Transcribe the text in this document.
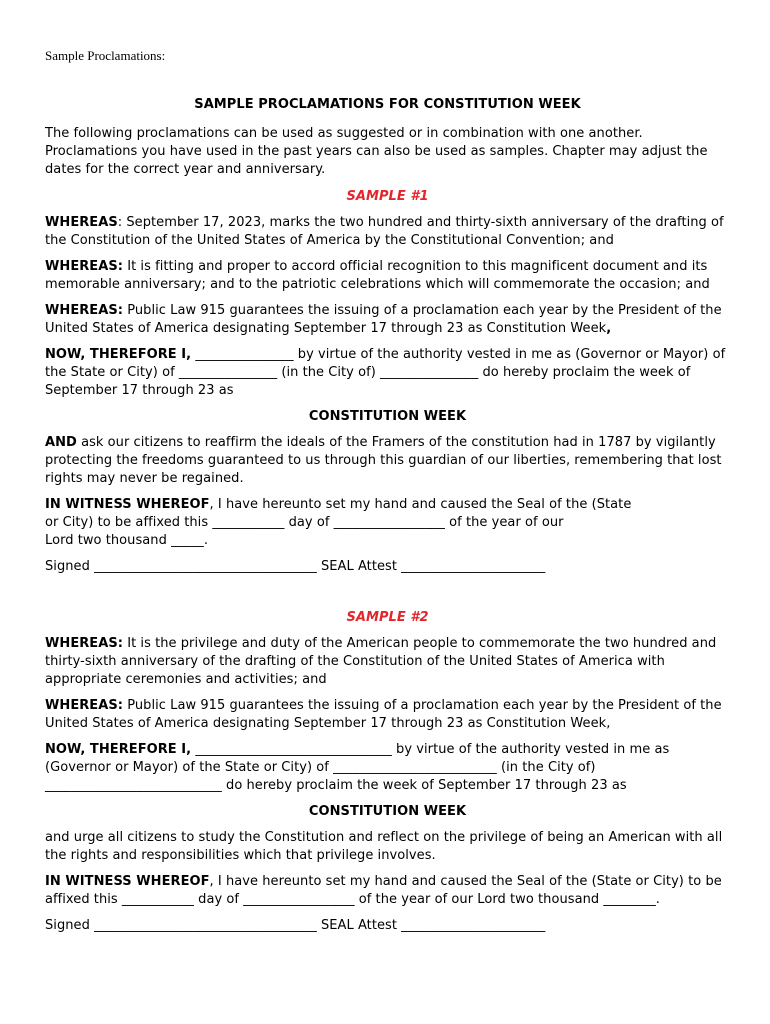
Sample Proclamations:
SAMPLE PROCLAMATIONS FOR CONSTITUTION WEEK
The following proclamations can be used as suggested or in combination with one another. Proclamations you have used in the past years can also be used as samples. Chapter may adjust the dates for the correct year and anniversary.
SAMPLE #1
WHEREAS: September 17, 2023, marks the two hundred and thirty-sixth anniversary of the drafting of the Constitution of the United States of America by the Constitutional Convention; and
WHEREAS: It is fitting and proper to accord official recognition to this magnificent document and its memorable anniversary; and to the patriotic celebrations which will commemorate the occasion; and
WHEREAS: Public Law 915 guarantees the issuing of a proclamation each year by the President of the United States of America designating September 17 through 23 as Constitution Week,
NOW, THEREFORE I, _______________ by virtue of the authority vested in me as (Governor or Mayor) of the State or City) of _______________ (in the City of) _______________ do hereby proclaim the week of September 17 through 23 as
CONSTITUTION WEEK
AND ask our citizens to reaffirm the ideals of the Framers of the constitution had in 1787 by vigilantly protecting the freedoms guaranteed to us through this guardian of our liberties, remembering that lost rights may never be regained.
IN WITNESS WHEREOF, I have hereunto set my hand and caused the Seal of the (State
or City) to be affixed this ___________ day of _________________ of the year of our
Lord two thousand _____.
Signed __________________________________ SEAL Attest ______________________
SAMPLE #2
WHEREAS: It is the privilege and duty of the American people to commemorate the two hundred and thirty-sixth anniversary of the drafting of the Constitution of the United States of America with appropriate ceremonies and activities; and
WHEREAS: Public Law 915 guarantees the issuing of a proclamation each year by the President of the United States of America designating September 17 through 23 as Constitution Week,
NOW, THEREFORE I, ______________________________ by virtue of the authority vested in me as (Governor or Mayor) of the State or City) of _________________________ (in the City of) ___________________________ do hereby proclaim the week of September 17 through 23 as
CONSTITUTION WEEK
and urge all citizens to study the Constitution and reflect on the privilege of being an American with all the rights and responsibilities which that privilege involves.
IN WITNESS WHEREOF, I have hereunto set my hand and caused the Seal of the (State or City) to be affixed this ___________ day of _________________ of the year of our Lord two thousand ________.
Signed __________________________________ SEAL Attest ______________________
